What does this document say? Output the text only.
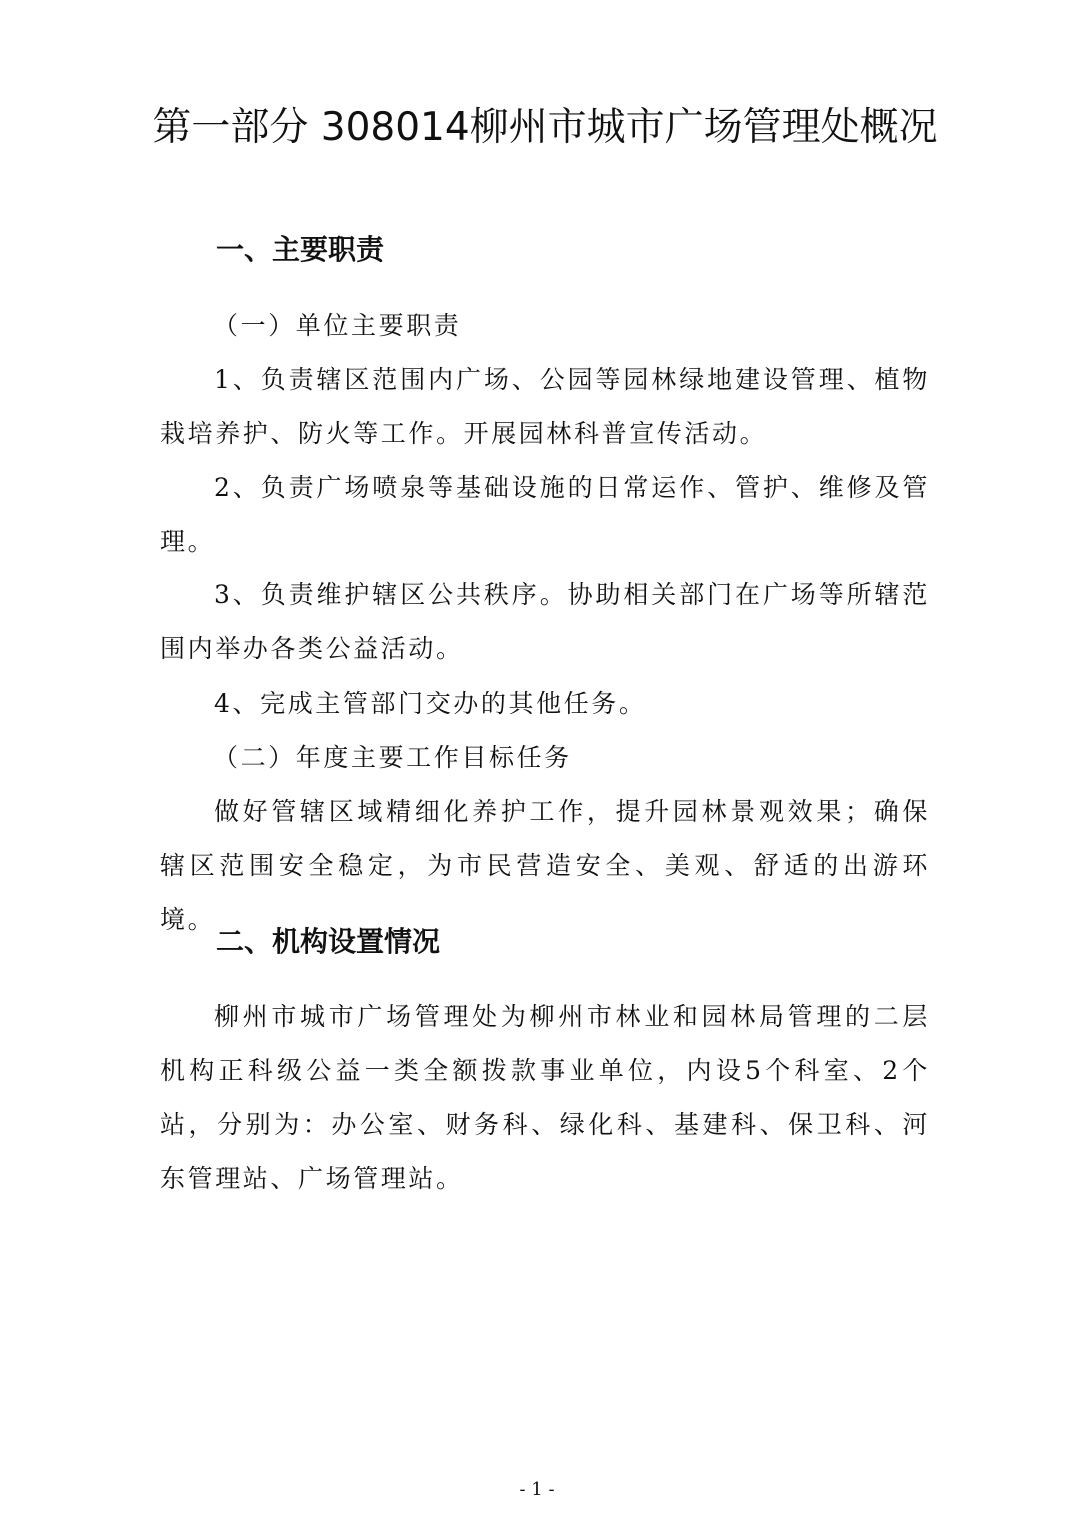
第一部分 308014柳州市城市广场管理处概况
一、主要职责

（一）单位主要职责

1、负责辖区范围内广场、公园等园林绿地建设管理、植物栽培养护、防火等工作。开展园林科普宣传活动。

2、负责广场喷泉等基础设施的日常运作、管护、维修及管理。

3、负责维护辖区公共秩序。协助相关部门在广场等所辖范围内举办各类公益活动。

4、完成主管部门交办的其他任务。

（二）年度主要工作目标任务

做好管辖区域精细化养护工作，提升园林景观效果；确保辖区范围安全稳定，为市民营造安全、美观、舒适的出游环境。

二、机构设置情况

柳州市城市广场管理处为柳州市林业和园林局管理的二层机构正科级公益一类全额拨款事业单位，内设5个科室、2个站，分别为：办公室、财务科、绿化科、基建科、保卫科、河东管理站、广场管理站。

- 1 -
